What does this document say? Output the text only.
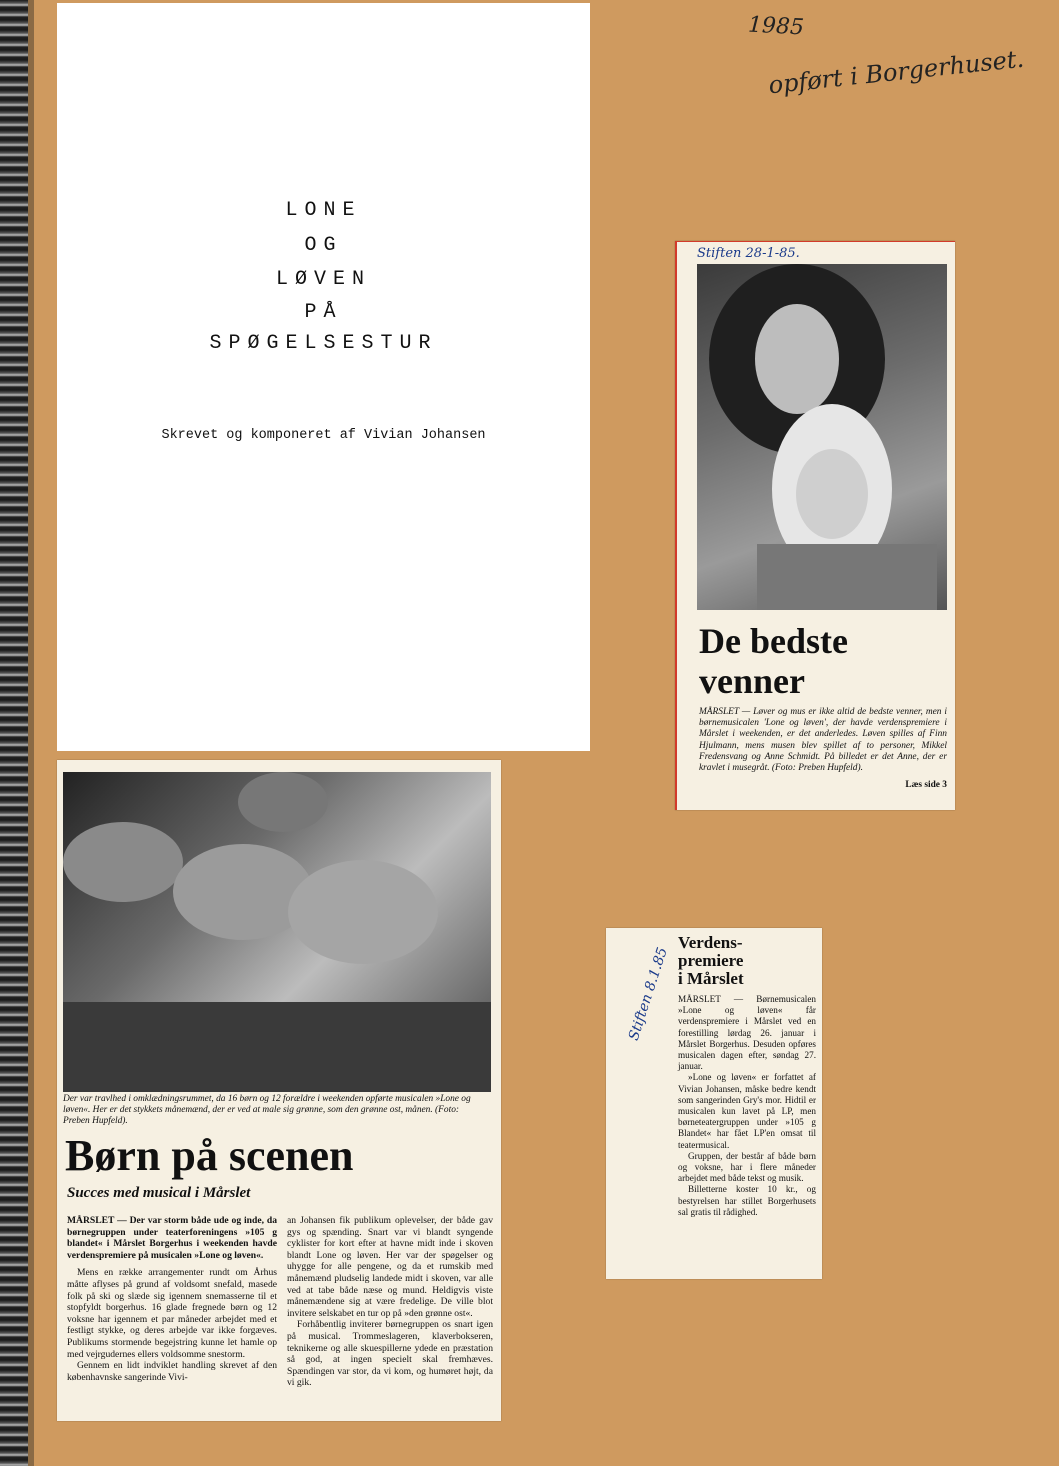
1985
opført i Borgerhuset.
LONE
OG
LØVEN
PÅ
SPØGELSESTUR
Skrevet og komponeret af Vivian Johansen
Stiften 28-1-85.
De bedste
venner
MÅRSLET — Løver og mus er ikke altid de bedste venner, men i børnemusicalen 'Lone og løven', der havde verdenspremiere i Mårslet i weekenden, er det anderledes. Løven spilles af Finn Hjulmann, mens musen blev spillet af to personer, Mikkel Fredensvang og Anne Schmidt. På billedet er det Anne, der er kravlet i musegråt. (Foto: Preben Hupfeld).
Læs side 3
Der var travlhed i omklædningsrummet, da 16 børn og 12 forældre i weekenden opførte musicalen »Lone og løven«. Her er det stykkets månemænd, der er ved at male sig grønne, som den grønne ost, månen. (Foto: Preben Hupfeld).
Børn på scenen
Succes med musical i Mårslet

MÅRSLET — Der var storm både ude og inde, da børnegruppen under teaterforeningens »105 g blandet« i Mårslet Borgerhus i weekenden havde verdenspremiere på musicalen »Lone og løven«.

Mens en række arrangementer rundt om Århus måtte aflyses på grund af voldsomt snefald, masede folk på ski og slæde sig igennem snemasserne til et stopfyldt borgerhus. 16 glade fregnede børn og 12 voksne har igennem et par måneder arbejdet med et festligt stykke, og deres arbejde var ikke forgæves. Publikums stormende begejstring kunne let hamle op med vejrgudernes ellers voldsomme snestorm.

Gennem en lidt indviklet handling skrevet af den københavnske sangerinde Vivi-

an Johansen fik publikum oplevelser, der både gav gys og spænding. Snart var vi blandt syngende cyklister for kort efter at havne midt inde i skoven blandt Lone og løven. Her var der spøgelser og uhygge for alle pengene, og da et rumskib med månemænd pludselig landede midt i skoven, var alle ved at tabe både næse og mund. Heldigvis viste månemændene sig at være fredelige. De ville blot invitere selskabet en tur op på »den grønne ost«.

Forhåbentlig inviterer børnegruppen os snart igen på musical. Trommeslageren, klaverbokseren, teknikerne og alle skuespillerne ydede en præstation så god, at ingen specielt skal fremhæves. Spændingen var stor, da vi kom, og humøret højt, da vi gik.

Stiften 8.1.85
Verdens-
premiere
i Mårslet

MÅRSLET — Børnemusicalen »Lone og løven« får verdenspremiere i Mårslet ved en forestilling lørdag 26. januar i Mårslet Borgerhus. Desuden opføres musicalen dagen efter, søndag 27. januar.

»Lone og løven« er forfattet af Vivian Johansen, måske bedre kendt som sangerinden Gry's mor. Hidtil er musicalen kun lavet på LP, men børneteatergruppen under »105 g Blandet« har fået LP'en omsat til teatermusical.

Gruppen, der består af både børn og voksne, har i flere måneder arbejdet med både tekst og musik.

Billetterne koster 10 kr., og bestyrelsen har stillet Borgerhusets sal gratis til rådighed.
